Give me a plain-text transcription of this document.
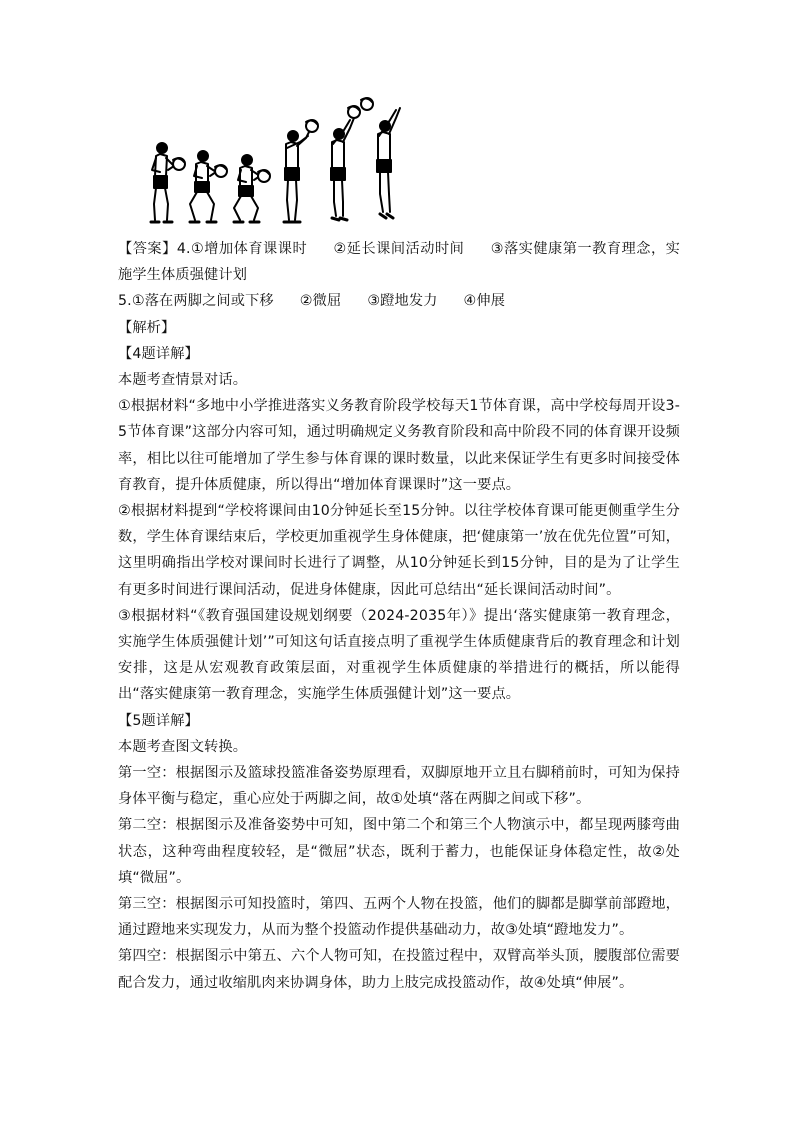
【答案】4.①增加体育课课时 ②延长课间活动时间 ③落实健康第一教育理念，实施学生体质强健计划

5.①落在两脚之间或下移 ②微屈 ③蹬地发力 ④伸展

【解析】

【4题详解】

本题考查情景对话。

①根据材料“多地中小学推进落实义务教育阶段学校每天1节体育课，高中学校每周开设3-5节体育课”这部分内容可知，通过明确规定义务教育阶段和高中阶段不同的体育课开设频率，相比以往可能增加了学生参与体育课的课时数量，以此来保证学生有更多时间接受体育教育，提升体质健康，所以得出“增加体育课课时”这一要点。

②根据材料提到“学校将课间由10分钟延长至15分钟。以往学校体育课可能更侧重学生分数，学生体育课结束后，学校更加重视学生身体健康，把‘健康第一’放在优先位置”可知，这里明确指出学校对课间时长进行了调整，从10分钟延长到15分钟，目的是为了让学生有更多时间进行课间活动，促进身体健康，因此可总结出“延长课间活动时间”。

③根据材料“《教育强国建设规划纲要（2024-2035年）》提出‘落实健康第一教育理念，实施学生体质强健计划’”可知这句话直接点明了重视学生体质健康背后的教育理念和计划安排，这是从宏观教育政策层面，对重视学生体质健康的举措进行的概括，所以能得出“落实健康第一教育理念，实施学生体质强健计划”这一要点。

【5题详解】

本题考查图文转换。

第一空：根据图示及篮球投篮准备姿势原理看，双脚原地开立且右脚稍前时，可知为保持身体平衡与稳定，重心应处于两脚之间，故①处填“落在两脚之间或下移”。

第二空：根据图示及准备姿势中可知，图中第二个和第三个人物演示中，都呈现两膝弯曲状态，这种弯曲程度较轻，是“微屈”状态，既利于蓄力，也能保证身体稳定性，故②处填“微屈”。

第三空：根据图示可知投篮时，第四、五两个人物在投篮，他们的脚都是脚掌前部蹬地，通过蹬地来实现发力，从而为整个投篮动作提供基础动力，故③处填“蹬地发力”。

第四空：根据图示中第五、六个人物可知，在投篮过程中，双臂高举头顶，腰腹部位需要配合发力，通过收缩肌肉来协调身体，助力上肢完成投篮动作，故④处填“伸展”。
